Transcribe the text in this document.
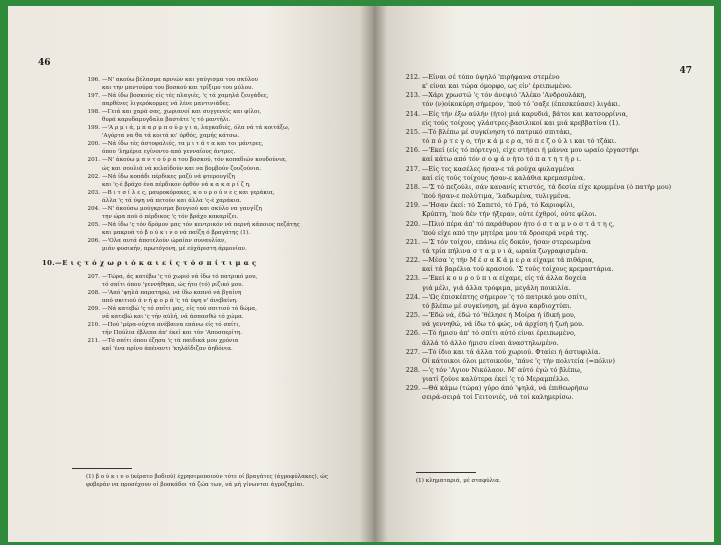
46
196. —Ν' ακούω βέλασμα αρνιών και γαύγισμα του σκύλου
και την μαντούρα του βοσκού και τρίξιμο του μύλου.
197. —Νά ίδω βοσκούς είς τές πλαγιές, 'ς τά χαμηλά ζευγάδες,
παρθένες λιγερόκορμες νά λένε μαντινιάδες.
198. —Γειά και χαρά σας, χωριανοί και συγγενείς και φίλοι,
θυρά καρυδαμυγδαλα βαστάτε 'ς τό μαντήλι.
199. —'Α ρ μ ι ά, μ π α ρ μ π ο ύ ρ γ ι α, λαγκαδιές, όλα νά τά κοιτάξω,
'Αγόρτα να θα τά κοιτά κι' όρθός, χαμής κάτσω.
200. —Νά ίδω τές άστοφαλιές, τα μ ι τ ά τ α και τοι μάντρες,
όπου 'λημέρια εγίνοντο από γενναίους άντρες.
201. —Ν' άκούω μ α ν τ ο ύ ρ α του βοσκού, τόν κοπαδιών κουδούνια,
ώς και σουλιά νά κελαϊδούν και να βομβούν ζουζούνια.
202. —Νά ίδω κοπάδι πέρδικες μαζύ νά φτερουγίζη
και 'ς-έ βράχο ένα πέρδικον όρθόν νά κ α κ α ρ ί ζ η.
203. —Β ι τ σ ί λ ε ς, μαυροκόρακες, κ ο υ ρ ο ύ ν ε ς και γεράκια,
άλλα 'ς τά ύψη νά πετούν και άλλα 'ς-έ χαράκια.
204. —Ν' άκούσω μούγκρισμα βουγιού και σκύλο να γαυγίζη
την ώρα πού ό πέρδικος 'ς τόν βράχο κακαρίζει.
205. —Νά ίδω 'ς τόν δρόμον μας τόν κεντρικόν νά περνή κάποιος πεζάτης
και μακρυά τό β ο ύ κ ι ν ο νά παίζη ό βραγάτης (1).
206. —'Ολα αυτά άποτελούν ώραίαν συναυλίαν,
μιάν φυσικήν, πρωτόγονη, μέ εύχάριστη άρμονίαν.
10.—Ε ι ς τ ό χ ω ρ ι ό κ α ι ε ί ς τ ό σ π ί τ ι μ α ς
207. —Τώρα, άς κατέβω 'ς τό χωριό νά ίδω τό πατρικό μου,
τό σπίτι όπου 'γεννήθηκα, ώς ήτο (τό) ριζικό μου.
208. —'Από 'ψηλά παρατηρώ, νά ίδω καπνό νά βγαίνη
από σκιτιού ά ν ή φ ο ρ ά 'ς τά ύψη ν' άνεβαίνη.
209. —Νά κατεβώ 'ς τό σπίτι μας, είς τού σπιτιού τό δώμα,
νά κατεβώ και 'ς τήν αύλή, νά άσπασθώ τό χώμα.
210. —Πού 'μέρα-νύχτα ανέβαινα επάνω είς τό σπίτι,
τήν Πούλια έβλεπα άπ' έκεί και τόν 'Αποσπερίτη.
211. —Τό σπίτι όπου έζησα 'ς τά παιδικά μου χρόνια
καί 'ένα πρίνο άπέναντι 'κηλάϊδιζαν άηδόνια.
(1) β ο ύ κ ι ν ο (κέρατο βοδιού) έχρησιμοποιούν τότε οί βραγάτες (άγροφύλακες), ώς φοβεράν να προσέχουν οί βοσκάδοι τά ζώα των, νά μή γίνωνται άγροζημίαι.
47
212. —Είναι σέ τόπο ύψηλό 'πιρήφανα στεμένο
κ' είναι και τώρα όμορφο, ως είν' έρειπωμένο.
213. —Χάρι χρωστώ 'ς τόν άνεψιό 'Αλέκο 'Ανδρουλάκη,
τόν (ν)οίκοκύρη σήμερον, 'πού τό 'σαξε (έπεσκεύασε) λιγάκι.
214. —Είς τήν έξω αύλήν (ήτο) μιά καρυδιά, βάτοι και κατσορρίνια,
είς τούς τοίχους γλάστρες-βασιλικοί και μιά κρεββατίνα (1).
215. —Τό βλέπω μέ συγκίνηση τό πατρικό σπιτάκι,
τό π ό ρ τ ε γ ο, τήν κ ά μ ε ρ α, τό π ε ζ ο ύ λ ι και τό τζάκι.
216. —'Εκεί (είς τό πόρτεγο), είχε στήσει ή μάννα μου ωραίο έργαστήρι
καί κάτω από τόν σ ο φ ά ν ήτο τό π α τ η τ ή ρ ι.
217. —Είς τες κασέλες ήσαν-ε τά ρούχα φυλαγμένα
καί είς τούς τοίχους ήσαν-ε καλάθια κρεμασμένα.
218. —'Σ τό πεζούλι, σάν κανανίς κτιστός, τά δεσία είχε κρυμμένα (ό πατήρ μου)
'πού ήσαν-ε πολύτιμα, 'λαδωμένα, τυλιγμένα.
219. —'Ησαν έκεί: τό Σαπετό, τό Γρά, τό Καριοφίλι,
Κρύπτη, 'πού δέν τήν ήξεραν, ούτε έχθροί, ούτε φίλοι.
220. —Πλιό πέρα άπ' τό παράθυρον ήτο ό σ τ α μ ν ο σ τ ά τ η ς,
'πού είχε από την μητέρα μου τά δροσερά νερά της.
221. —'Σ τόν τοίχον, επάνω είς δοκόν, ήσαν στερεωμένα
τά τρία πήλινα σ τ α μ ν ι ά, ωραία ζωγραφισμένα.
222. —Μέσα 'ς τήν Μ έ σ α Κ ά μ ε ρ α είχαμε τά πιθάρια,
καί τά βαρέλια τού κρασιού. 'Σ τούς τοίχους κρεμαστάρια.
223. —'Εκεί κ ο υ ρ ο ύ π ι α είχαμε, είς τά άλλα δοχεία
γιά μέλι, γιά άλλα τρόφιμα, μεγάλη ποικιλία.
224. —'Ως έπισκέπτης σήμερον 'ς τό πατρικό μου σπίτι,
τό βλέπω μέ συγκίνηση, μέ άγνο καρδιοχτύπι.
225. —'Εδώ νά, έδώ τό 'θέλησε ή Μοίρα ή ίδική μου,
νά γεννηθώ, νά ίδω τό φώς, νά άρχίση ή ζωή μου.
226. —Τό ήμισυ άπ' τό σπίτι αύτό είναι έρειπωμένο,
άλλά τό άλλο ήμισυ είναι άναστηλωμένο.
227. —Τό ίδιο και τά άλλα τού χωριού. Φταίει ή άστυφιλία.
Οί κάτοικοι όλοι μετοικούν, 'πάνε 'ς τήν πολιτεία (=πόλιν)
228. —'ς τόν 'Αγιον Νικόλαον. Μ' αύτό έγώ τό βλέπω,
γιατί ζούνε καλύτερα έκεί 'ς τό Μεραμπέλλο.
229. —Θά κάμω (τώρα) γύρο άπό 'ψηλά, νά έπιθεωρήσω
σειρά-σειρά τοί Γειτονιές, νά τοί καλημερίσω.
(1) κληματαριά, μέ σταφύλια.
